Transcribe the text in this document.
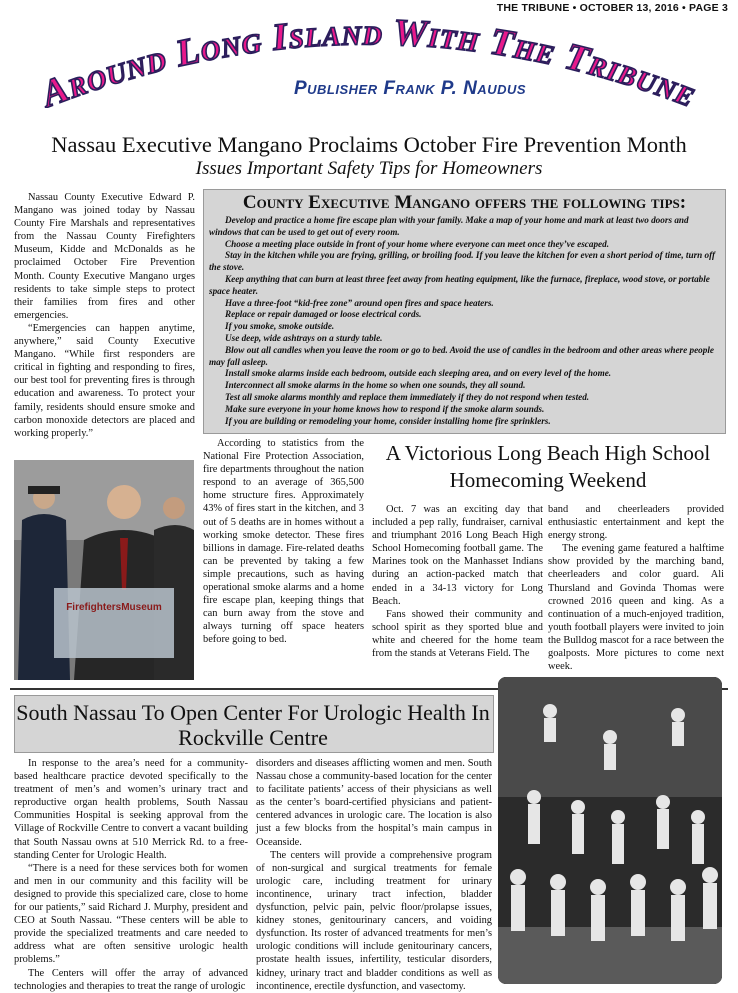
THE TRIBUNE • OCTOBER 13, 2016 • PAGE 3
Around Long Island With The Tribune
Publisher Frank P. Naudus
Nassau Executive Mangano Proclaims October Fire Prevention Month
Issues Important Safety Tips for Homeowners

Nassau County Executive Edward P. Mangano was joined today by Nassau County Fire Marshals and representatives from the Nassau County Firefighters Museum, Kidde and McDonalds as he proclaimed October Fire Prevention Month. County Executive Mangano urges residents to take simple steps to protect their families from fires and other emergencies.

“Emergencies can happen anytime, anywhere,” said County Executive Mangano. “While first responders are critical in fighting and responding to fires, our best tool for preventing fires is through education and awareness. To protect your family, residents should ensure smoke and carbon monoxide detectors are placed and working properly.”

County Executive Mangano offers the following tips:
Develop and practice a home fire escape plan with your family. Make a map of your home and mark at least two doors and windows that can be used to get out of every room.
Choose a meeting place outside in front of your home where everyone can meet once they’ve escaped.
Stay in the kitchen while you are frying, grilling, or broiling food. If you leave the kitchen for even a short period of time, turn off the stove.
Keep anything that can burn at least three feet away from heating equipment, like the furnace, fireplace, wood stove, or portable space heater.
Have a three-foot “kid-free zone” around open fires and space heaters.
Replace or repair damaged or loose electrical cords.
If you smoke, smoke outside.
Use deep, wide ashtrays on a sturdy table.
Blow out all candles when you leave the room or go to bed. Avoid the use of candles in the bedroom and other areas where people may fall asleep.
Install smoke alarms inside each bedroom, outside each sleeping area, and on every level of the home.
Interconnect all smoke alarms in the home so when one sounds, they all sound.
Test all smoke alarms monthly and replace them immediately if they do not respond when tested.
Make sure everyone in your home knows how to respond if the smoke alarm sounds.
If you are building or remodeling your home, consider installing home fire sprinklers.
FirefightersMuseum

According to statistics from the National Fire Protection Association, fire departments throughout the nation respond to an average of 365,500 home structure fires. Approximately 43% of fires start in the kitchen, and 3 out of 5 deaths are in homes without a working smoke detector. These fires billions in damage. Fire-related deaths can be prevented by taking a few simple precautions, such as having operational smoke alarms and a home fire escape plan, keeping things that can burn away from the stove and always turning off space heaters before going to bed.

A Victorious Long Beach High School Homecoming Weekend

Oct. 7 was an exciting day that included a pep rally, fundraiser, carnival and triumphant 2016 Long Beach High School Homecoming football game. The Marines took on the Manhasset Indians during an action-packed match that ended in a 34-13 victory for Long Beach.

Fans showed their community and school spirit as they sported blue and white and cheered for the home team from the stands at Veterans Field. The

band and cheerleaders provided enthusiastic entertainment and kept the energy strong.

The evening game featured a halftime show provided by the marching band, cheerleaders and color guard. Ali Thursland and Govinda Thomas were crowned 2016 queen and king. As a continuation of a much-enjoyed tradition, youth football players were invited to join the Bulldog mascot for a race between the goalposts. More pictures to come next week.

South Nassau To Open Center For Urologic Health In Rockville Centre

In response to the area’s need for a community-based healthcare practice devoted specifically to the treatment of men’s and women’s urinary tract and reproductive organ health problems, South Nassau Communities Hospital is seeking approval from the Village of Rockville Centre to convert a vacant building that South Nassau owns at 510 Merrick Rd. to a free-standing Center for Urologic Health.

“There is a need for these services both for women and men in our community and this facility will be designed to provide this specialized care, close to home for our patients,” said Richard J. Murphy, president and CEO at South Nassau. “These centers will be able to provide the specialized treatments and care needed to address what are often sensitive urologic health problems.”

The Centers will offer the array of advanced technologies and therapies to treat the range of urologic

disorders and diseases afflicting women and men. South Nassau chose a community-based location for the center to facilitate patients’ access of their physicians as well as the center’s board-certified physicians and patient-centered advances in urologic care. The location is also just a few blocks from the hospital’s main campus in Oceanside.

The centers will provide a comprehensive program of non-surgical and surgical treatments for female urologic care, including treatment for urinary incontinence, urinary tract infection, bladder dysfunction, pelvic pain, pelvic floor/prolapse issues, kidney stones, genitourinary cancers, and voiding dysfunction. Its roster of advanced treatments for men’s urologic conditions will include genitourinary cancers, prostate health issues, infertility, testicular disorders, kidney, urinary tract and bladder conditions as well as incontinence, erectile dysfunction, and vasectomy.
